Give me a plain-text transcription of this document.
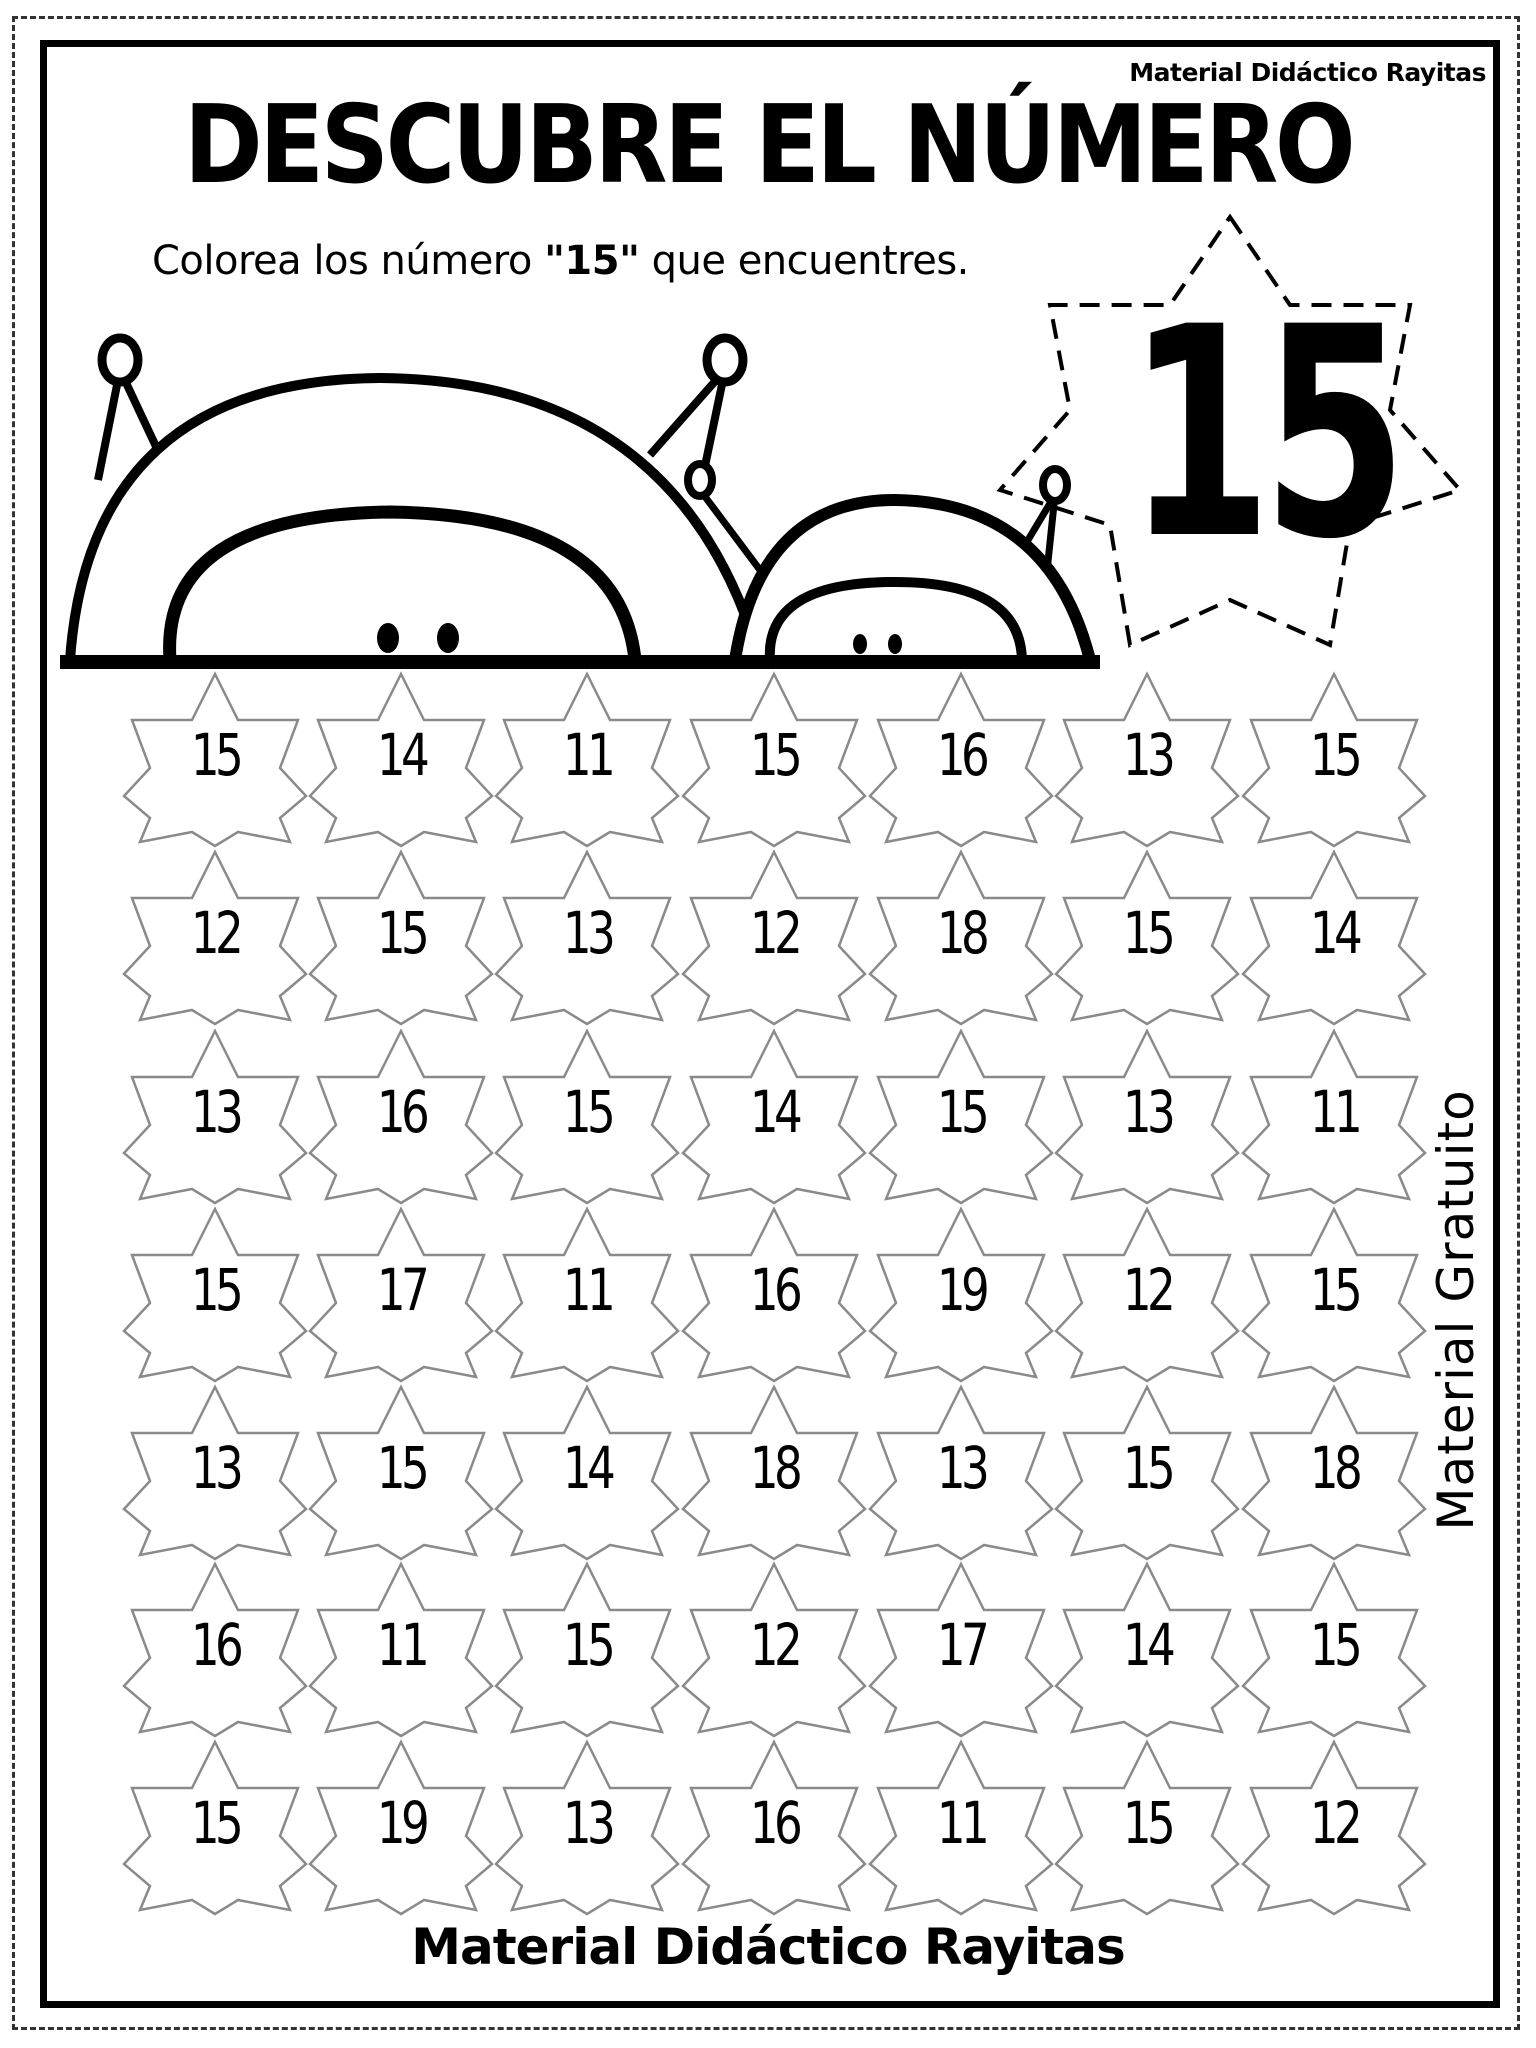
Material Didáctico Rayitas
DESCUBRE EL NÚMERO
Colorea los número "15" que encuentres.
15
15	14	11	15	16	13	15
12	15	13	12	18	15	14
13	16	15	14	15	13	11
15	17	11	16	19	12	15
13	15	14	18	13	15	18
16	11	15	12	17	14	15
15	19	13	16	11	15	12
Material Gratuito
Material Didáctico Rayitas
